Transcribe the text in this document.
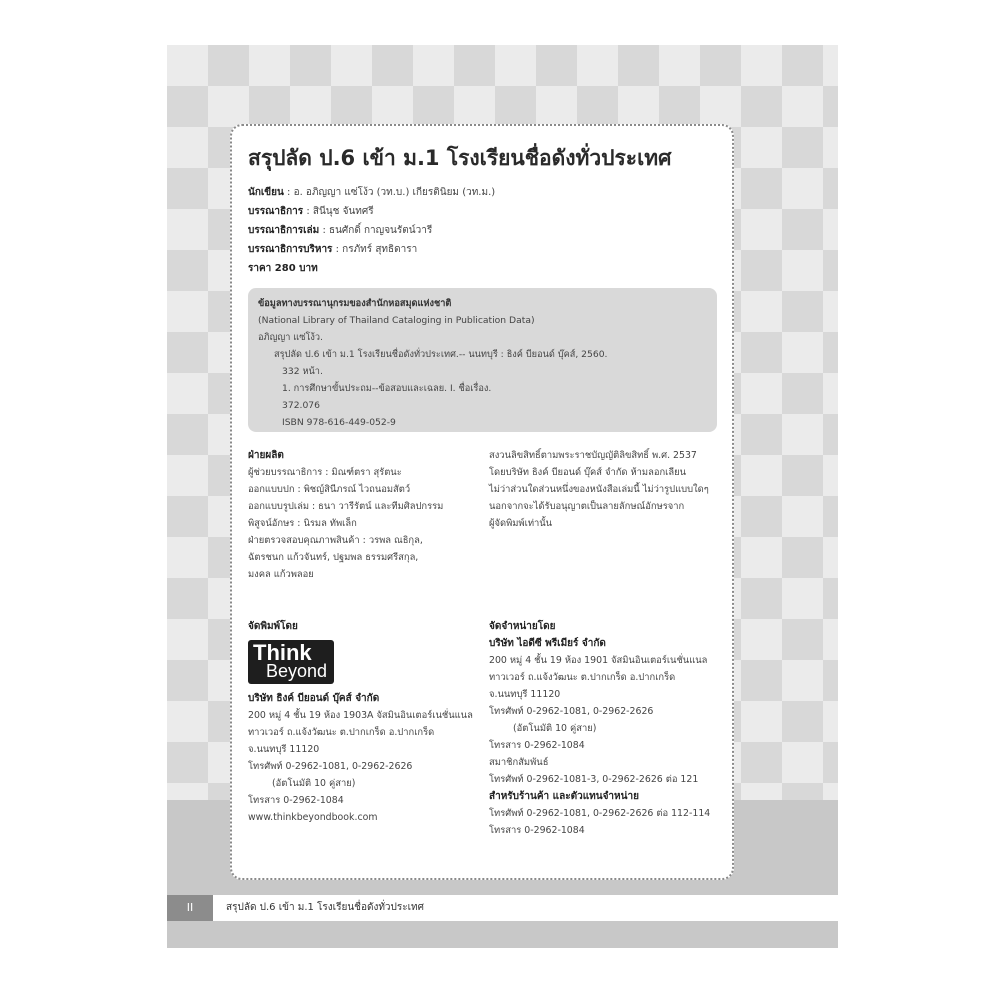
สรุปลัด ป.6 เข้า ม.1 โรงเรียนชื่อดังทั่วประเทศ
นักเขียน : อ. อภิญญา แซ่โง้ว (วท.บ.) เกียรตินิยม (วท.ม.)
บรรณาธิการ : สินีนุช จันทศรี
บรรณาธิการเล่ม : ธนศักดิ์ กาญจนรัตน์วารี
บรรณาธิการบริหาร : กรภัทร์ สุทธิดารา
ราคา 280 บาท
ข้อมูลทางบรรณานุกรมของสำนักหอสมุดแห่งชาติ
(National Library of Thailand Cataloging in Publication Data)
อภิญญา แซ่โง้ว.
สรุปลัด ป.6 เข้า ม.1 โรงเรียนชื่อดังทั่วประเทศ.-- นนทบุรี : ธิงค์ บียอนด์ บุ๊คส์, 2560.
332 หน้า.
1. การศึกษาขั้นประถม--ข้อสอบและเฉลย. I. ชื่อเรื่อง.
372.076
ISBN 978-616-449-052-9
ฝ่ายผลิต
ผู้ช่วยบรรณาธิการ : มิณฑ์ตรา สุรัตนะ
ออกแบบปก : พิชญ์สินีภรณ์ ไวถนอมสัตว์
ออกแบบรูปเล่ม : ธนา วารีรัตน์ และทีมศิลปกรรม
พิสูจน์อักษร : นิรมล ทัพเล็ก
ฝ่ายตรวจสอบคุณภาพสินค้า : วรพล ณธิกุล,
ฉัตรชนก แก้วจันทร์, ปฐมพล ธรรมศรีสกุล,
มงคล แก้วพลอย
สงวนลิขสิทธิ์ตามพระราชบัญญัติลิขสิทธิ์ พ.ศ. 2537
โดยบริษัท ธิงค์ บียอนด์ บุ๊คส์ จำกัด ห้ามลอกเลียน
ไม่ว่าส่วนใดส่วนหนึ่งของหนังสือเล่มนี้ ไม่ว่ารูปแบบใดๆ
นอกจากจะได้รับอนุญาตเป็นลายลักษณ์อักษรจาก
ผู้จัดพิมพ์เท่านั้น
จัดพิมพ์โดย
Think
Beyond
บริษัท ธิงค์ บียอนด์ บุ๊คส์ จำกัด
200 หมู่ 4 ชั้น 19 ห้อง 1903A จัสมินอินเตอร์เนชั่นแนล
ทาวเวอร์ ถ.แจ้งวัฒนะ ต.ปากเกร็ด อ.ปากเกร็ด
จ.นนทบุรี 11120
โทรศัพท์ 0-2962-1081, 0-2962-2626
(อัตโนมัติ 10 คู่สาย)
โทรสาร 0-2962-1084
www.thinkbeyondbook.com
จัดจำหน่ายโดย
บริษัท ไอดีซี พรีเมียร์ จำกัด
200 หมู่ 4 ชั้น 19 ห้อง 1901 จัสมินอินเตอร์เนชั่นแนล
ทาวเวอร์ ถ.แจ้งวัฒนะ ต.ปากเกร็ด อ.ปากเกร็ด
จ.นนทบุรี 11120
โทรศัพท์ 0-2962-1081, 0-2962-2626
(อัตโนมัติ 10 คู่สาย)
โทรสาร 0-2962-1084
สมาชิกสัมพันธ์
โทรศัพท์ 0-2962-1081-3, 0-2962-2626 ต่อ 121
สำหรับร้านค้า และตัวแทนจำหน่าย
โทรศัพท์ 0-2962-1081, 0-2962-2626 ต่อ 112-114
โทรสาร 0-2962-1084
II	สรุปลัด ป.6 เข้า ม.1 โรงเรียนชื่อดังทั่วประเทศ
